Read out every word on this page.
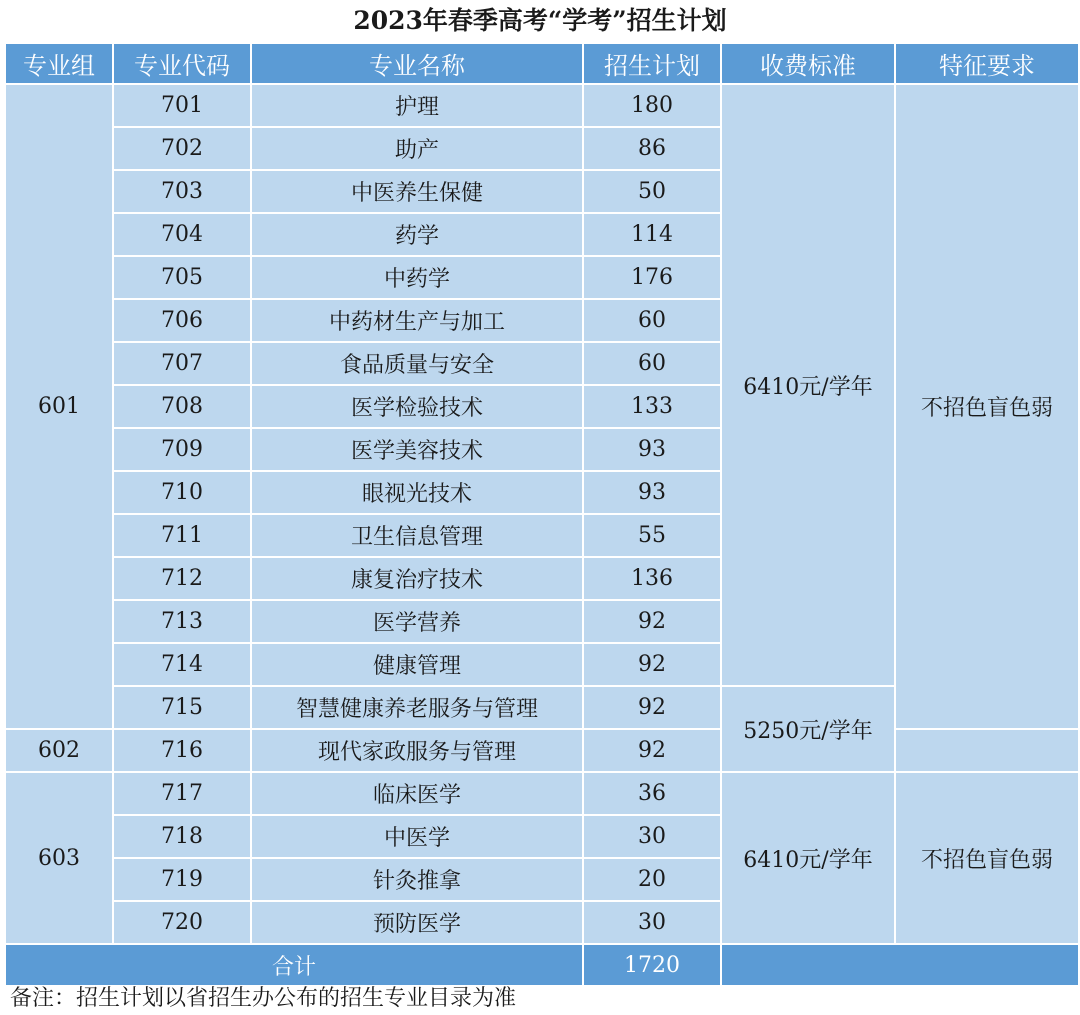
2023年春季高考“学考”招生计划
专业组	专业代码	专业名称	招生计划	收费标准	特征要求
601	701	护理	180	6410元/学年	不招色盲色弱
	702	助产	86		
	703	中医养生保健	50		
	704	药学	114		
	705	中药学	176		
	706	中药材生产与加工	60		
	707	食品质量与安全	60		
	708	医学检验技术	133		
	709	医学美容技术	93		
	710	眼视光技术	93		
	711	卫生信息管理	55		
	712	康复治疗技术	136		
	713	医学营养	92		
	714	健康管理	92		
	715	智慧健康养老服务与管理	92	5250元/学年	
602	716	现代家政服务与管理	92		
603	717	临床医学	36	6410元/学年	不招色盲色弱
	718	中医学	30		
	719	针灸推拿	20		
	720	预防医学	30		
合计			1720		
备注：招生计划以省招生办公布的招生专业目录为准
